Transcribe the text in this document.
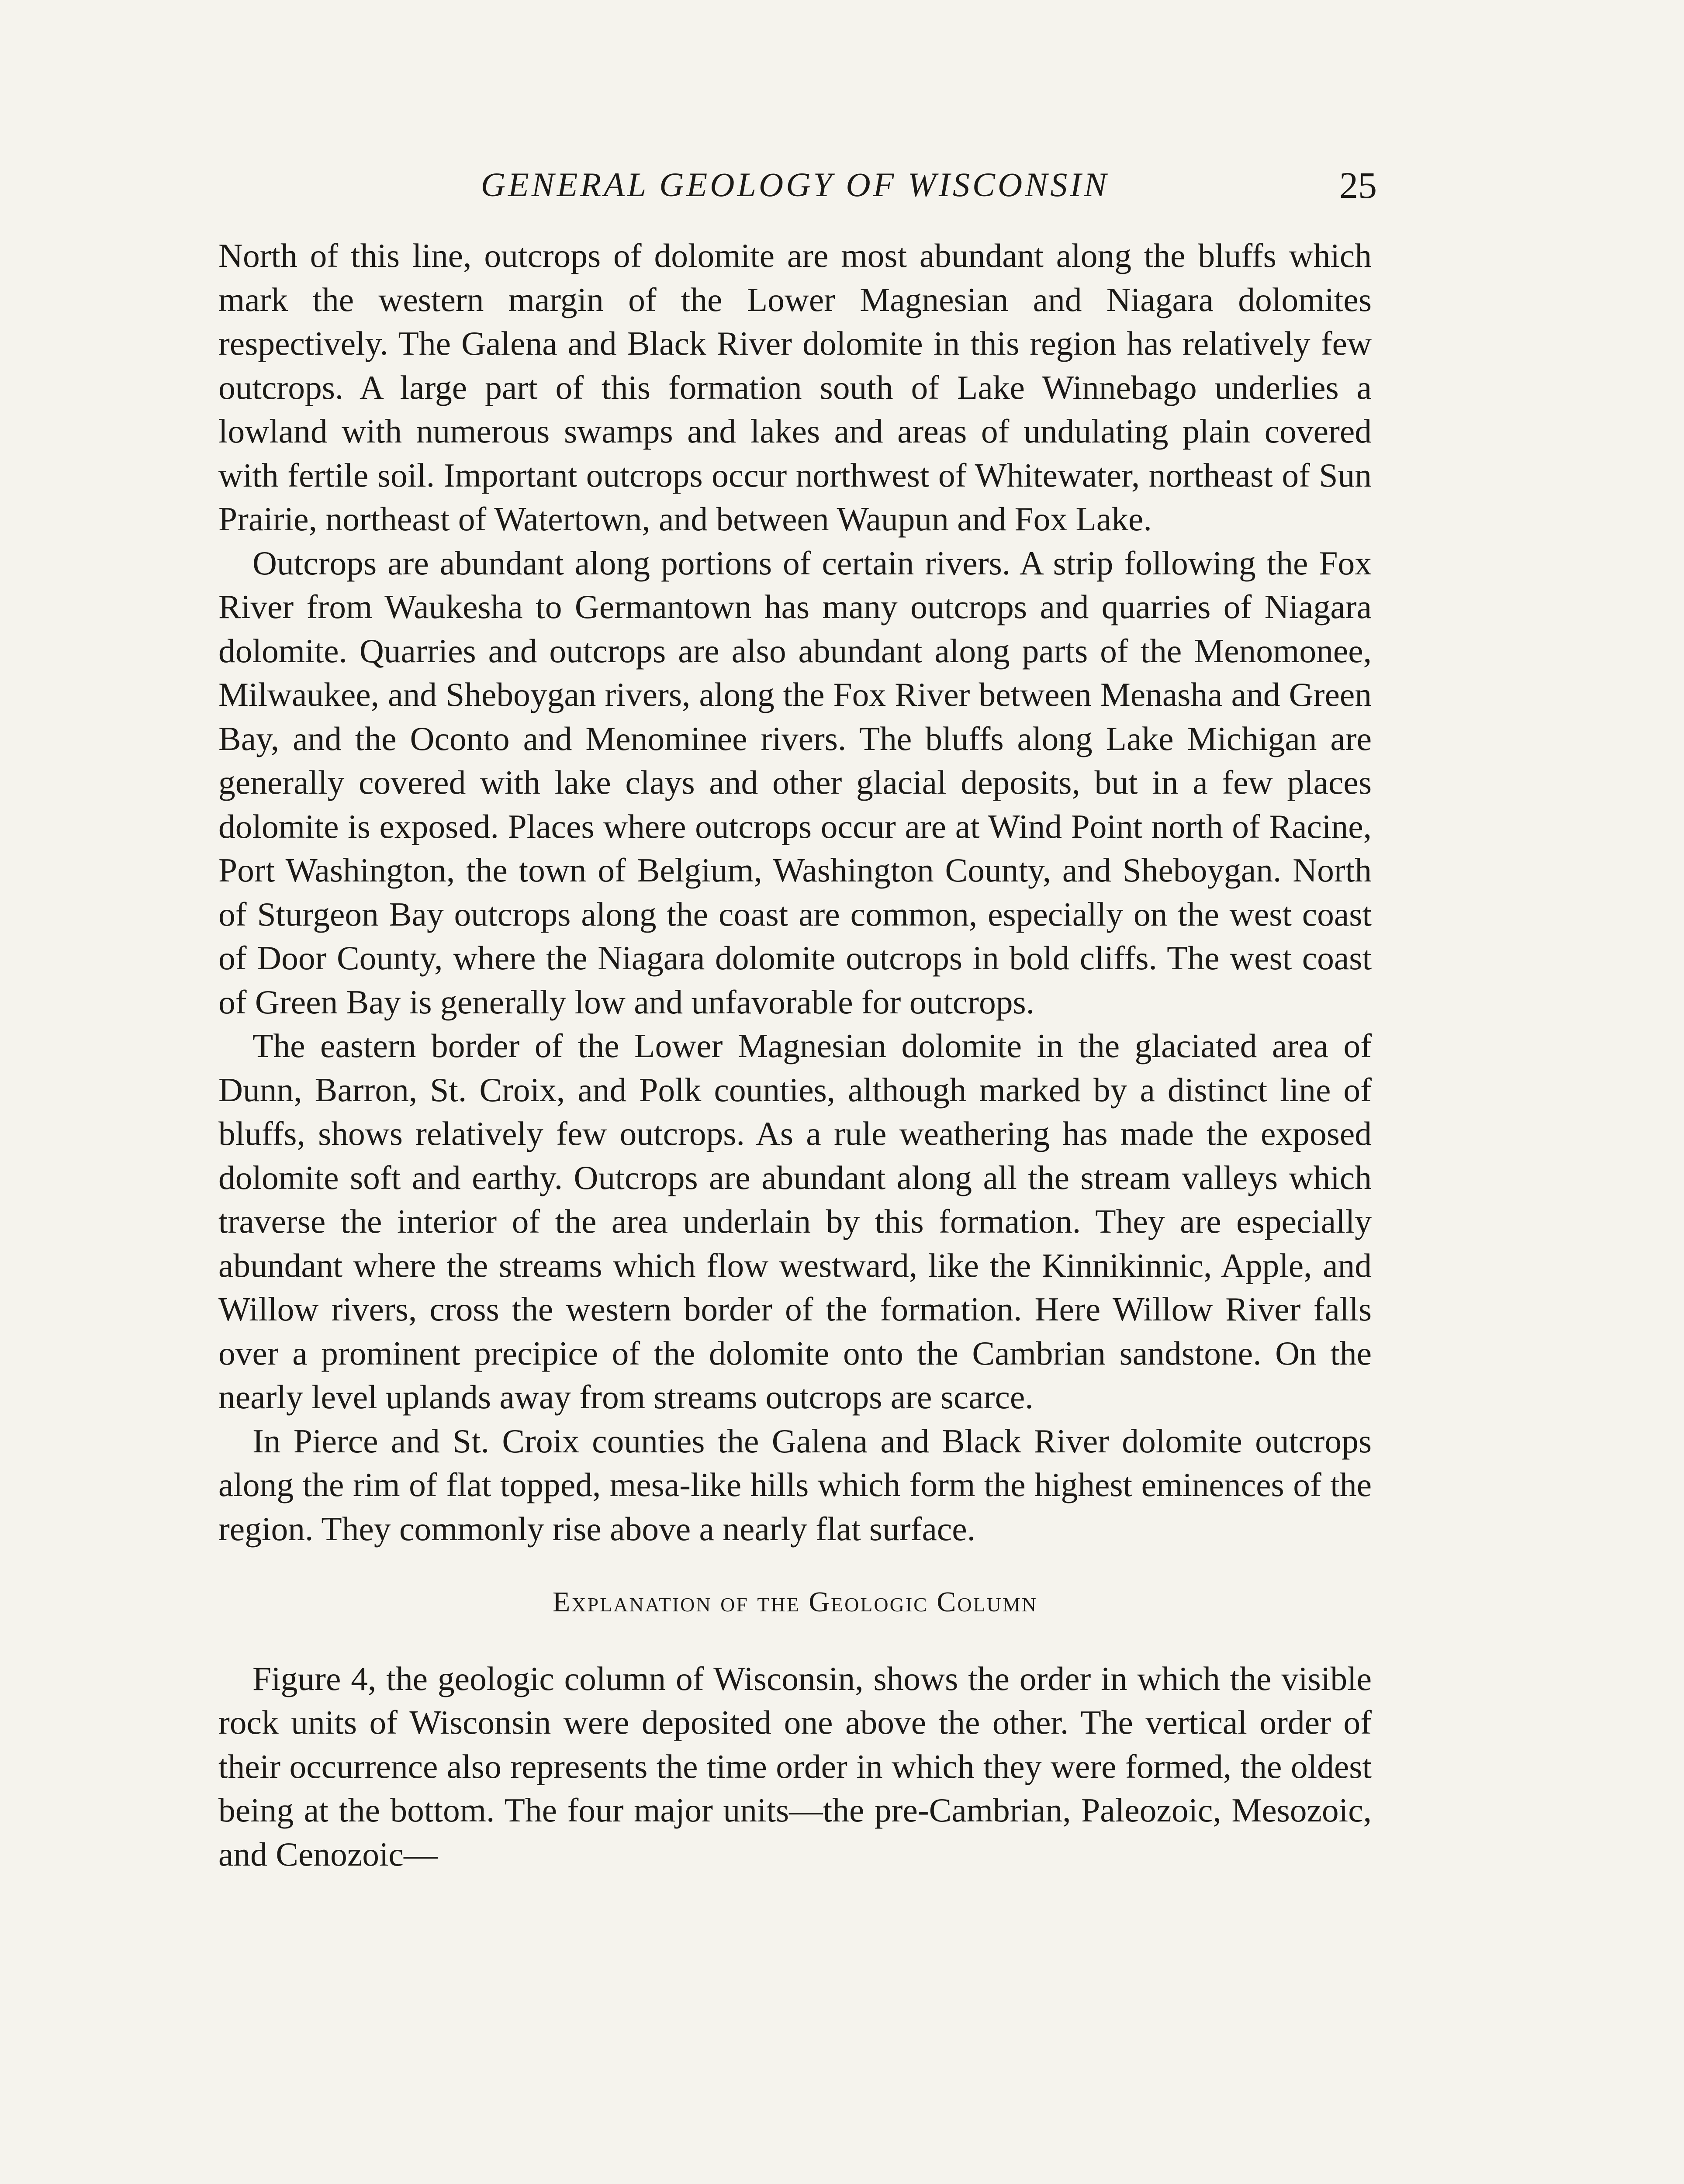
GENERAL GEOLOGY OF WISCONSIN	25

North of this line, outcrops of dolomite are most abundant along the bluffs which mark the western margin of the Lower Magnesian and Niagara dolomites respectively. The Galena and Black River dolomite in this region has relatively few outcrops. A large part of this formation south of Lake Winnebago underlies a lowland with numerous swamps and lakes and areas of undulating plain covered with fertile soil. Important outcrops occur northwest of Whitewater, northeast of Sun Prairie, northeast of Watertown, and between Waupun and Fox Lake.

Outcrops are abundant along portions of certain rivers. A strip following the Fox River from Waukesha to Germantown has many outcrops and quarries of Niagara dolomite. Quarries and outcrops are also abundant along parts of the Menomonee, Milwaukee, and Sheboygan rivers, along the Fox River between Menasha and Green Bay, and the Oconto and Menominee rivers. The bluffs along Lake Michigan are generally covered with lake clays and other glacial deposits, but in a few places dolomite is exposed. Places where outcrops occur are at Wind Point north of Racine, Port Washington, the town of Belgium, Washington County, and Sheboygan. North of Sturgeon Bay outcrops along the coast are common, especially on the west coast of Door County, where the Niagara dolomite outcrops in bold cliffs. The west coast of Green Bay is generally low and unfavorable for outcrops.

The eastern border of the Lower Magnesian dolomite in the glaciated area of Dunn, Barron, St. Croix, and Polk counties, although marked by a distinct line of bluffs, shows relatively few outcrops. As a rule weathering has made the exposed dolomite soft and earthy. Outcrops are abundant along all the stream valleys which traverse the interior of the area underlain by this formation. They are especially abundant where the streams which flow westward, like the Kinnikinnic, Apple, and Willow rivers, cross the western border of the formation. Here Willow River falls over a prominent precipice of the dolomite onto the Cambrian sandstone. On the nearly level uplands away from streams outcrops are scarce.

In Pierce and St. Croix counties the Galena and Black River dolomite outcrops along the rim of flat topped, mesa-like hills which form the highest eminences of the region. They commonly rise above a nearly flat surface.

Explanation of the Geologic Column

Figure 4, the geologic column of Wisconsin, shows the order in which the visible rock units of Wisconsin were deposited one above the other. The vertical order of their occurrence also represents the time order in which they were formed, the oldest being at the bottom. The four major units—the pre-Cambrian, Paleozoic, Mesozoic, and Cenozoic—
